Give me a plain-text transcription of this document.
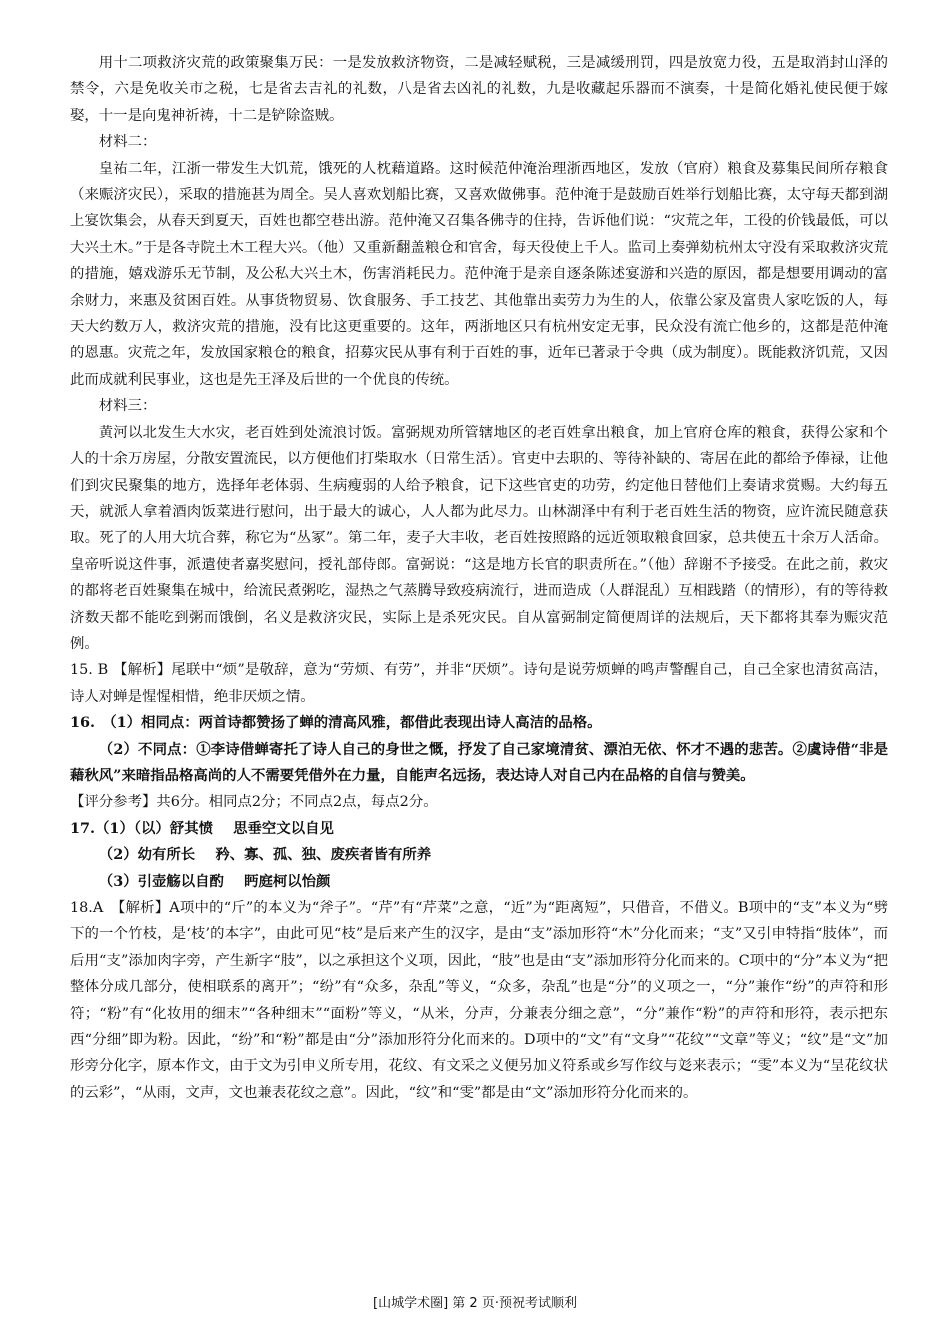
用十二项救济灾荒的政策聚集万民：一是发放救济物资，二是减轻赋税，三是减缓刑罚，四是放宽力役，五是取消封山泽的禁令，六是免收关市之税，七是省去吉礼的礼数，八是省去凶礼的礼数，九是收藏起乐器而不演奏，十是简化婚礼使民便于嫁娶，十一是向鬼神祈祷，十二是铲除盗贼。

材料二：

皇祐二年，江浙一带发生大饥荒，饿死的人枕藉道路。这时候范仲淹治理浙西地区，发放（官府）粮食及募集民间所存粮食（来赈济灾民），采取的措施甚为周全。吴人喜欢划船比赛，又喜欢做佛事。范仲淹于是鼓励百姓举行划船比赛，太守每天都到湖上宴饮集会，从春天到夏天，百姓也都空巷出游。范仲淹又召集各佛寺的住持，告诉他们说：“灾荒之年，工役的价钱最低，可以大兴土木。”于是各寺院土木工程大兴。（他）又重新翻盖粮仓和官舍，每天役使上千人。监司上奏弹劾杭州太守没有采取救济灾荒的措施，嬉戏游乐无节制，及公私大兴土木，伤害消耗民力。范仲淹于是亲自逐条陈述宴游和兴造的原因，都是想要用调动的富余财力，来惠及贫困百姓。从事货物贸易、饮食服务、手工技艺、其他靠出卖劳力为生的人，依靠公家及富贵人家吃饭的人，每天大约数万人，救济灾荒的措施，没有比这更重要的。这年，两浙地区只有杭州安定无事，民众没有流亡他乡的，这都是范仲淹的恩惠。灾荒之年，发放国家粮仓的粮食，招募灾民从事有利于百姓的事，近年已著录于令典（成为制度）。既能救济饥荒，又因此而成就利民事业，这也是先王泽及后世的一个优良的传统。

材料三：

黄河以北发生大水灾，老百姓到处流浪讨饭。富弼规劝所管辖地区的老百姓拿出粮食，加上官府仓库的粮食，获得公家和个人的十余万房屋，分散安置流民，以方便他们打柴取水（日常生活）。官吏中去职的、等待补缺的、寄居在此的都给予俸禄，让他们到灾民聚集的地方，选择年老体弱、生病瘦弱的人给予粮食，记下这些官吏的功劳，约定他日替他们上奏请求赏赐。大约每五天，就派人拿着酒肉饭菜进行慰问，出于最大的诚心，人人都为此尽力。山林湖泽中有利于老百姓生活的物资，应许流民随意获取。死了的人用大坑合葬，称它为“丛冢”。第二年，麦子大丰收，老百姓按照路的远近领取粮食回家，总共使五十余万人活命。皇帝听说这件事，派遣使者嘉奖慰问，授礼部侍郎。富弼说：“这是地方长官的职责所在。”（他）辞谢不予接受。在此之前，救灾的都将老百姓聚集在城中，给流民煮粥吃，湿热之气蒸腾导致疫病流行，进而造成（人群混乱）互相践踏（的情形），有的等待救济数天都不能吃到粥而饿倒，名义是救济灾民，实际上是杀死灾民。自从富弼制定简便周详的法规后，天下都将其奉为赈灾范例。

15. B 【解析】尾联中“烦”是敬辞，意为“劳烦、有劳”，并非“厌烦”。诗句是说劳烦蝉的鸣声警醒自己，自己全家也清贫高洁，诗人对蝉是惺惺相惜，绝非厌烦之情。

16.　 （1）相同点：两首诗都赞扬了蝉的清高风雅，都借此表现出诗人高洁的品格。

（2）不同点：①李诗借蝉寄托了诗人自己的身世之慨，抒发了自己家境清贫、漂泊无依、怀才不遇的悲苦。②虞诗借“非是藉秋风”来暗指品格高尚的人不需要凭借外在力量，自能声名远扬，表达诗人对自己内在品格的自信与赞美。

【评分参考】共6分。相同点2分；不同点2点，每点2分。

17.（1）（以）舒其愤 思垂空文以自见

（2）幼有所长 矜、寡、孤、独、废疾者皆有所养

（3）引壶觞以自酌 眄庭柯以怡颜

18.A　【解析】A项中的“斤”的本义为“斧子”。“芹”有“芹菜”之意，“近”为“距离短”，只借音，不借义。B项中的“支”本义为“劈下的一个竹枝，是‘枝’的本字”，由此可见“枝”是后来产生的汉字，是由“支”添加形符“木”分化而来；“支”又引申特指“肢体”，而后用“支”添加肉字旁，产生新字“肢”，以之承担这个义项，因此，“肢”也是由“支”添加形符分化而来的。C项中的“分”本义为“把整体分成几部分，使相联系的离开”；“纷”有“众多，杂乱”等义，“众多，杂乱”也是“分”的义项之一，“分”兼作“纷”的声符和形符；“粉”有“化妆用的细末”“各种细末”“面粉”等义，“从米，分声，分兼表分细之意”，“分”兼作“粉”的声符和形符，表示把东西“分细”即为粉。因此，“纷”和“粉”都是由“分”添加形符分化而来的。D项中的“文”有“文身”“花纹”“文章”等义；“纹”是“文”加形旁分化字，原本作文，由于文为引申义所专用，花纹、有文采之义便另加义符系或乡写作纹与彣来表示；“雯”本义为“呈花纹状的云彩”，“从雨，文声，文也兼表花纹之意”。因此，“纹”和“雯”都是由“文”添加形符分化而来的。

[山城学术圈] 第 2 页·预祝考试顺利
